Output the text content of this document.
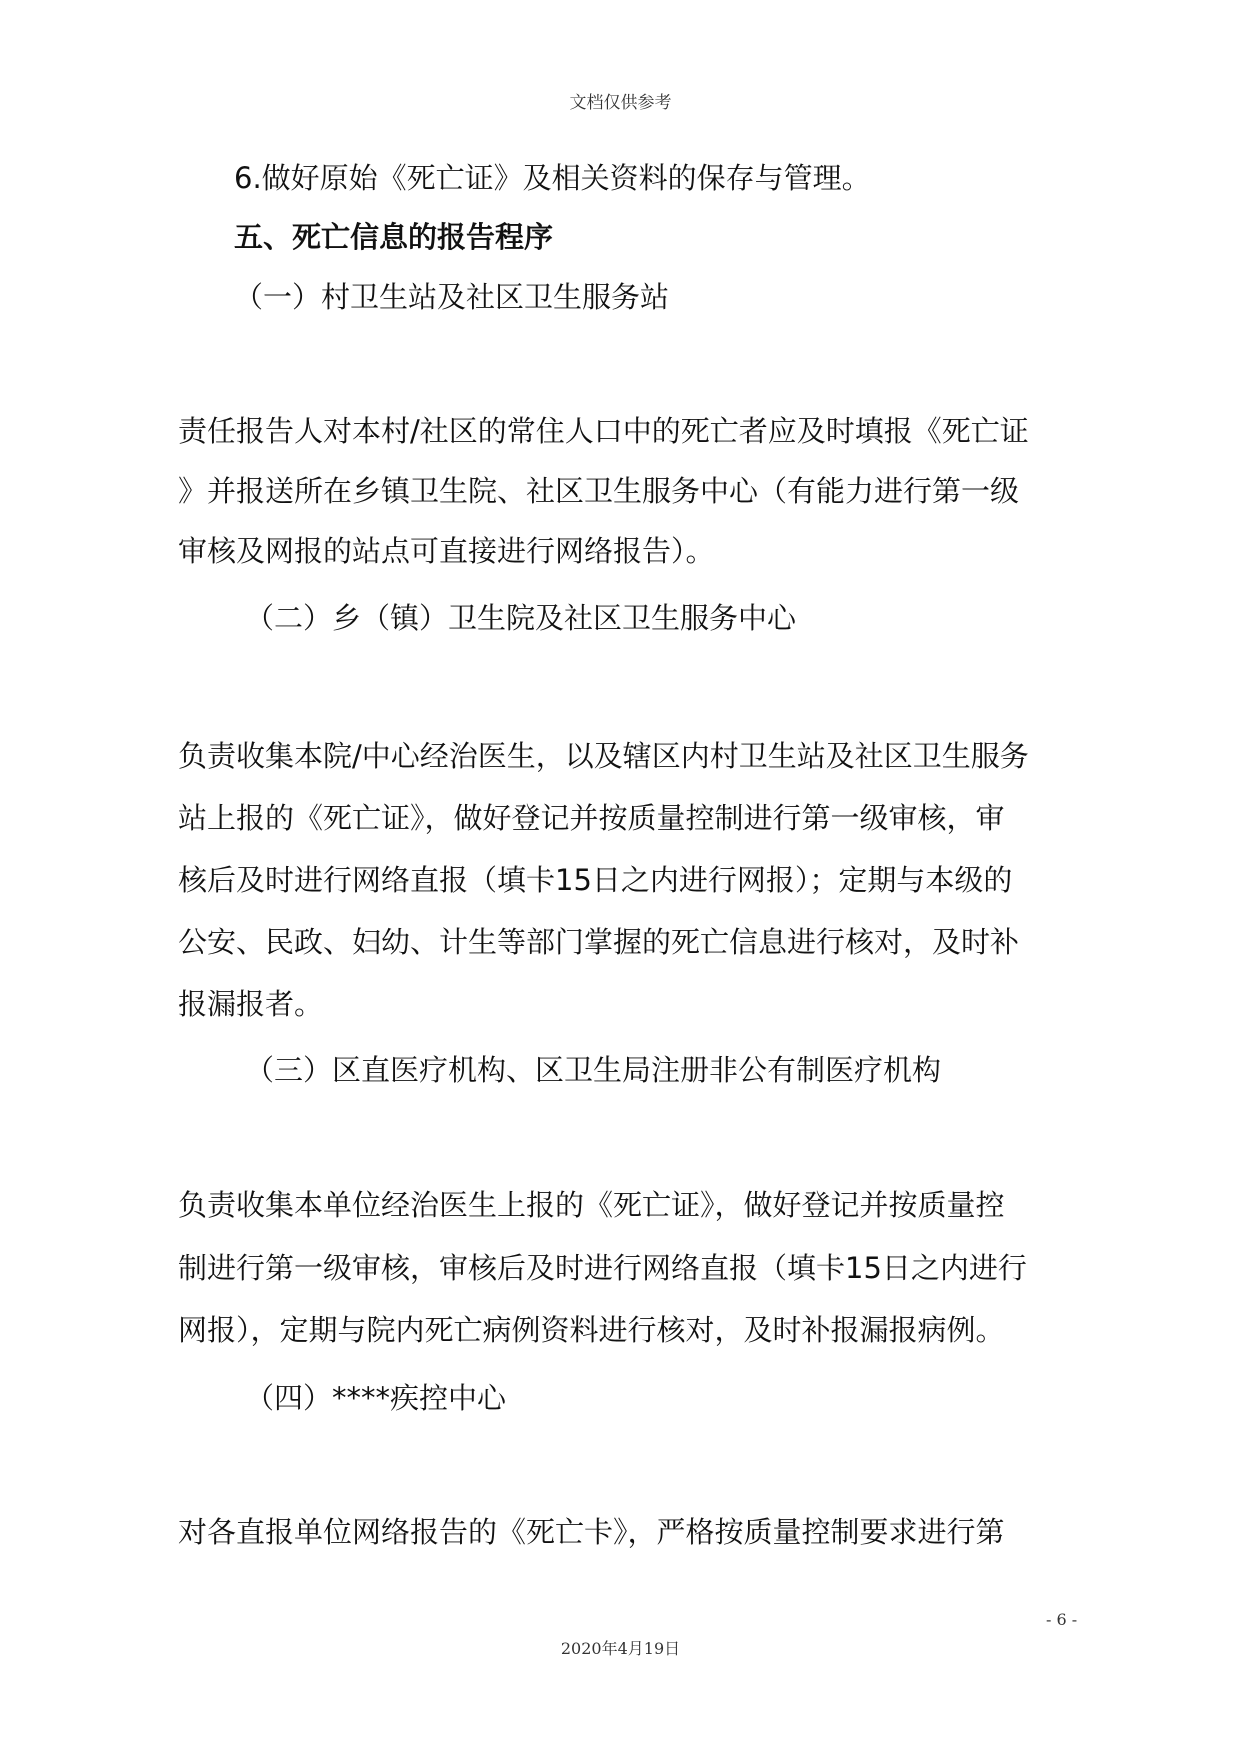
文档仅供参考
6.做好原始《死亡证》及相关资料的保存与管理。
五、死亡信息的报告程序
（一）村卫生站及社区卫生服务站
责任报告人对本村/社区的常住人口中的死亡者应及时填报《死亡证
》并报送所在乡镇卫生院、社区卫生服务中心（有能力进行第一级
审核及网报的站点可直接进行网络报告）。
（二）乡（镇）卫生院及社区卫生服务中心
负责收集本院/中心经治医生，以及辖区内村卫生站及社区卫生服务
站上报的《死亡证》，做好登记并按质量控制进行第一级审核，审
核后及时进行网络直报（填卡15日之内进行网报）；定期与本级的
公安、民政、妇幼、计生等部门掌握的死亡信息进行核对，及时补
报漏报者。
（三）区直医疗机构、区卫生局注册非公有制医疗机构
负责收集本单位经治医生上报的《死亡证》，做好登记并按质量控
制进行第一级审核，审核后及时进行网络直报（填卡15日之内进行
网报），定期与院内死亡病例资料进行核对，及时补报漏报病例。
（四）****疾控中心
对各直报单位网络报告的《死亡卡》，严格按质量控制要求进行第
- 6 -
2020年4月19日
